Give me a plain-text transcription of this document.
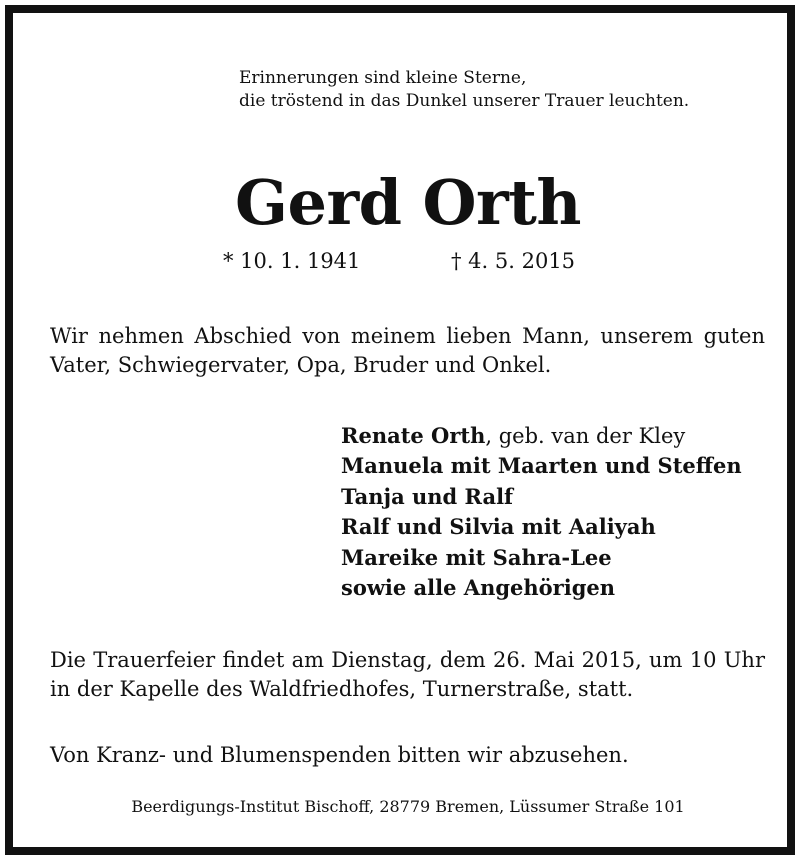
Erinnerungen sind kleine Sterne,
die tröstend in das Dunkel unserer Trauer leuchten.
Gerd Orth
* 10. 1. 1941	† 4. 5. 2015
Wir nehmen Abschied von meinem lieben Mann, unserem guten Vater, Schwiegervater, Opa, Bruder und Onkel.
Renate Orth, geb. van der Kley
Manuela mit Maarten und Steffen
Tanja und Ralf
Ralf und Silvia mit Aaliyah
Mareike mit Sahra-Lee
sowie alle Angehörigen
Die Trauerfeier findet am Dienstag, dem 26. Mai 2015, um 10 Uhr in der Kapelle des Waldfriedhofes, Turnerstraße, statt.
Von Kranz- und Blumenspenden bitten wir abzusehen.
Beerdigungs-Institut Bischoff, 28779 Bremen, Lüssumer Straße 101
